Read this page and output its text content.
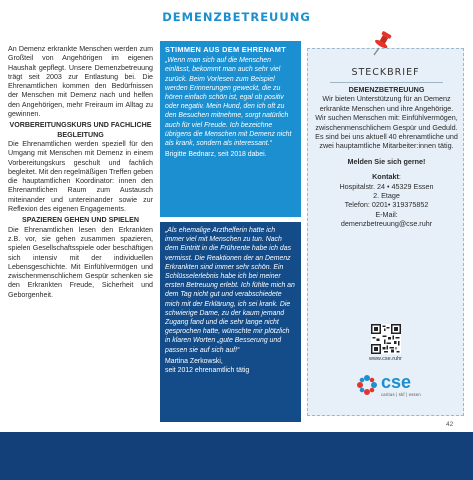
DEMENZBETREUUNG

An Demenz erkrankte Menschen werden zum Großteil von Angehörigen im eigenen Haushalt gepflegt. Unsere Demenzbetreuung trägt seit 2003 zur Entlastung bei. Die Ehrenamtlichen kommen den Bedürfnissen der Menschen mit Demenz nach und helfen den Angehörigen, mehr Freiraum im Alltag zu gewinnen.

VORBEREITUNGSKURS UND FACHLICHE BEGLEITUNG

Die Ehrenamtlichen werden speziell für den Umgang mit Menschen mit Demenz in einem Vorbereitungskurs geschult und fachlich begleitet. Mit den regelmäßigen Treffen geben die hauptamtlichen Koordinator: innen den Ehrenamtlichen Raum zum Austausch miteinander und untereinander sowie zur Reflexion des eigenen Engagements.

SPAZIEREN GEHEN UND SPIELEN

Die Ehrenamtlichen lesen den Erkrankten z.B. vor, sie gehen zusammen spazieren, spielen Gesellschaftsspiele oder beschäftigen sich intensiv mit der individuellen Lebensgeschichte. Mit Einfühlvermögen und zwischenmenschlichem Gespür schenken sie den Erkrankten Freude, Sicherheit und Geborgenheit.

STIMMEN AUS DEM EHRENAMT
„Wenn man sich auf die Menschen einlässt, bekommt man auch sehr viel zurück. Beim Vorlesen zum Beispiel werden Erinnerungen geweckt, die zu hören einfach schön ist, egal ob positiv oder negativ. Mein Hund, den ich oft zu den Besuchen mitnehme, sorgt natürlich auch für viel Freude. Ich bezeichne übrigens die Menschen mit Demenz nicht als krank, sondern als interessant.“
Brigitte Bednarz, seit 2018 dabei.
„Als ehemalige Arzthelferin hatte ich immer viel mit Menschen zu tun. Nach dem Eintritt in die Frührente habe ich das vermisst. Die Reaktionen der an Demenz Erkrankten sind immer sehr schön. Ein Schlüsselerlebnis habe ich bei meiner ersten Betreuung erlebt. Ich fühlte mich an dem Tag nicht gut und verabschiedete mich mit der Erklärung, ich sei krank. Die schwierige Dame, zu der kaum jemand Zugang fand und die sehr lange nicht gesprochen hatte, wünschte mir plötzlich in klaren Worten „gute Besserung und passen sie auf sich auf!“
Martina Zerkowski,
seit 2012 ehrenamtlich tätig
STECKBRIEF
DEMENZBETREUUNG
Wir bieten Unterstützung für an Demenz erkrankte Menschen und ihre Angehörige.
Wir suchen Menschen mit: Einfühlvermögen, zwischenmenschlichem Gespür und Geduld.
Es sind bei uns aktuell 40 ehrenamtliche und zwei hauptamtliche Mitarbeiter:innen tätig.
Melden Sie sich gerne!
Kontakt:
Hospitalstr. 24 • 45329 Essen
2. Etage
Telefon: 0201• 319375852
E-Mail:
demenzbetreuung@cse.ruhr
www.cse.ruhr
cse
caritas | skf | essen
42
